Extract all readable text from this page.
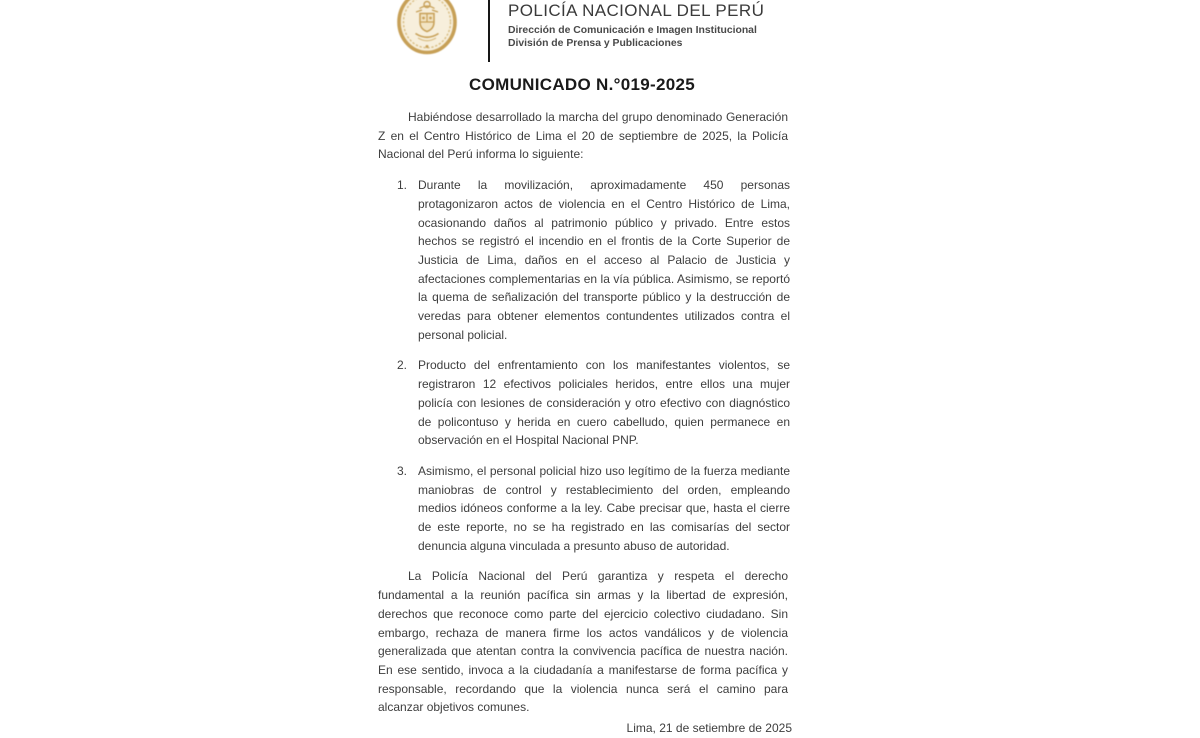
POLICÍA NACIONAL DEL PERÚ
Dirección de Comunicación e Imagen Institucional
División de Prensa y Publicaciones
COMUNICADO N.°019-2025

Habiéndose desarrollado la marcha del grupo denominado Generación Z en el Centro Histórico de Lima el 20 de septiembre de 2025, la Policía Nacional del Perú informa lo siguiente:

1. Durante la movilización, aproximadamente 450 personas protagonizaron actos de violencia en el Centro Histórico de Lima, ocasionando daños al patrimonio público y privado. Entre estos hechos se registró el incendio en el frontis de la Corte Superior de Justicia de Lima, daños en el acceso al Palacio de Justicia y afectaciones complementarias en la vía pública. Asimismo, se reportó la quema de señalización del transporte público y la destrucción de veredas para obtener elementos contundentes utilizados contra el personal policial.
2. Producto del enfrentamiento con los manifestantes violentos, se registraron 12 efectivos policiales heridos, entre ellos una mujer policía con lesiones de consideración y otro efectivo con diagnóstico de policontuso y herida en cuero cabelludo, quien permanece en observación en el Hospital Nacional PNP.
3. Asimismo, el personal policial hizo uso legítimo de la fuerza mediante maniobras de control y restablecimiento del orden, empleando medios idóneos conforme a la ley. Cabe precisar que, hasta el cierre de este reporte, no se ha registrado en las comisarías del sector denuncia alguna vinculada a presunto abuso de autoridad.

La Policía Nacional del Perú garantiza y respeta el derecho fundamental a la reunión pacífica sin armas y la libertad de expresión, derechos que reconoce como parte del ejercicio colectivo ciudadano. Sin embargo, rechaza de manera firme los actos vandálicos y de violencia generalizada que atentan contra la convivencia pacífica de nuestra nación. En ese sentido, invoca a la ciudadanía a manifestarse de forma pacífica y responsable, recordando que la violencia nunca será el camino para alcanzar objetivos comunes.

Lima, 21 de setiembre de 2025
